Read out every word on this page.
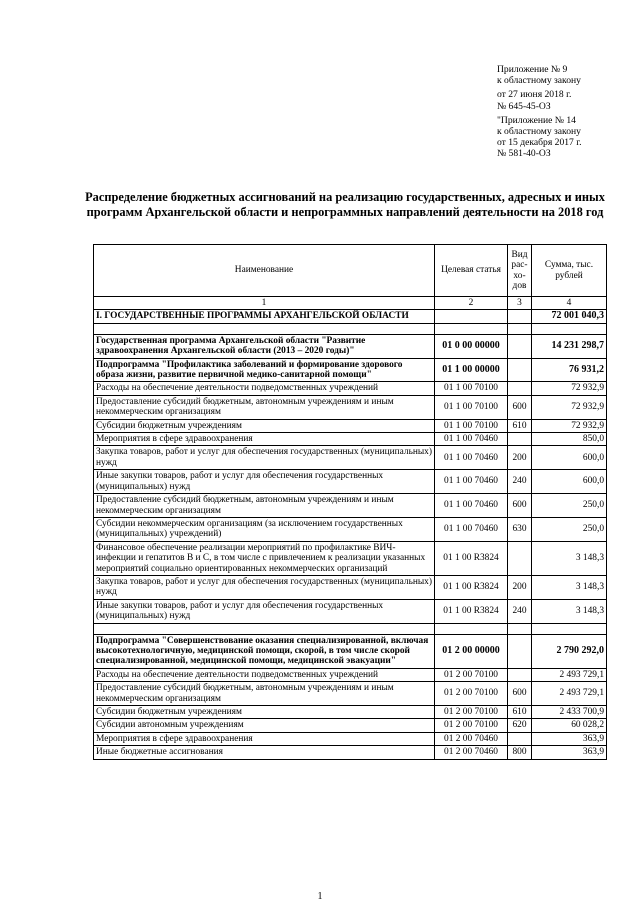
Приложение № 9
к областному закону
от 27 июня 2018 г.
№ 645-45-ОЗ
"Приложение № 14
к областному закону
от 15 декабря 2017 г.
№ 581-40-ОЗ
Распределение бюджетных ассигнований на реализацию государственных, адресных и иных программ Архангельской области и непрограммных направлений деятельности на 2018 год
Наименование	Целевая статья	Вид рас-хо-дов	Сумма, тыс. рублей
1	2	3	4
I. ГОСУДАРСТВЕННЫЕ ПРОГРАММЫ АРХАНГЕЛЬСКОЙ ОБЛАСТИ			72 001 040,3

Государственная программа Архангельской области "Развитие здравоохранения Архангельской области (2013 – 2020 годы)"	01 0 00 00000		14 231 298,7
Подпрограмма "Профилактика заболеваний и формирование здорового образа жизни, развитие первичной медико-санитарной помощи"	01 1 00 00000		76 931,2
Расходы на обеспечение деятельности подведомственных учреждений	01 1 00 70100		72 932,9
Предоставление субсидий бюджетным, автономным учреждениям и иным некоммерческим организациям	01 1 00 70100	600	72 932,9
Субсидии бюджетным учреждениям	01 1 00 70100	610	72 932,9
Мероприятия в сфере здравоохранения	01 1 00 70460		850,0
Закупка товаров, работ и услуг для обеспечения государственных (муниципальных) нужд	01 1 00 70460	200	600,0
Иные закупки товаров, работ и услуг для обеспечения государственных (муниципальных) нужд	01 1 00 70460	240	600,0
Предоставление субсидий бюджетным, автономным учреждениям и иным некоммерческим организациям	01 1 00 70460	600	250,0
Субсидии некоммерческим организациям (за исключением государственных (муниципальных) учреждений)	01 1 00 70460	630	250,0
Финансовое обеспечение реализации мероприятий по профилактике ВИЧ-инфекции и гепатитов B и C, в том числе с привлечением к реализации указанных мероприятий социально ориентированных некоммерческих организаций	01 1 00 R3824		3 148,3
Закупка товаров, работ и услуг для обеспечения государственных (муниципальных) нужд	01 1 00 R3824	200	3 148,3
Иные закупки товаров, работ и услуг для обеспечения государственных (муниципальных) нужд	01 1 00 R3824	240	3 148,3

Подпрограмма "Совершенствование оказания специализированной, включая высокотехнологичную, медицинской помощи, скорой, в том числе скорой специализированной, медицинской помощи, медицинской эвакуации"	01 2 00 00000		2 790 292,0
Расходы на обеспечение деятельности подведомственных учреждений	01 2 00 70100		2 493 729,1
Предоставление субсидий бюджетным, автономным учреждениям и иным некоммерческим организациям	01 2 00 70100	600	2 493 729,1
Субсидии бюджетным учреждениям	01 2 00 70100	610	2 433 700,9
Субсидии автономным учреждениям	01 2 00 70100	620	60 028,2
Мероприятия в сфере здравоохранения	01 2 00 70460		363,9
Иные бюджетные ассигнования	01 2 00 70460	800	363,9
1
